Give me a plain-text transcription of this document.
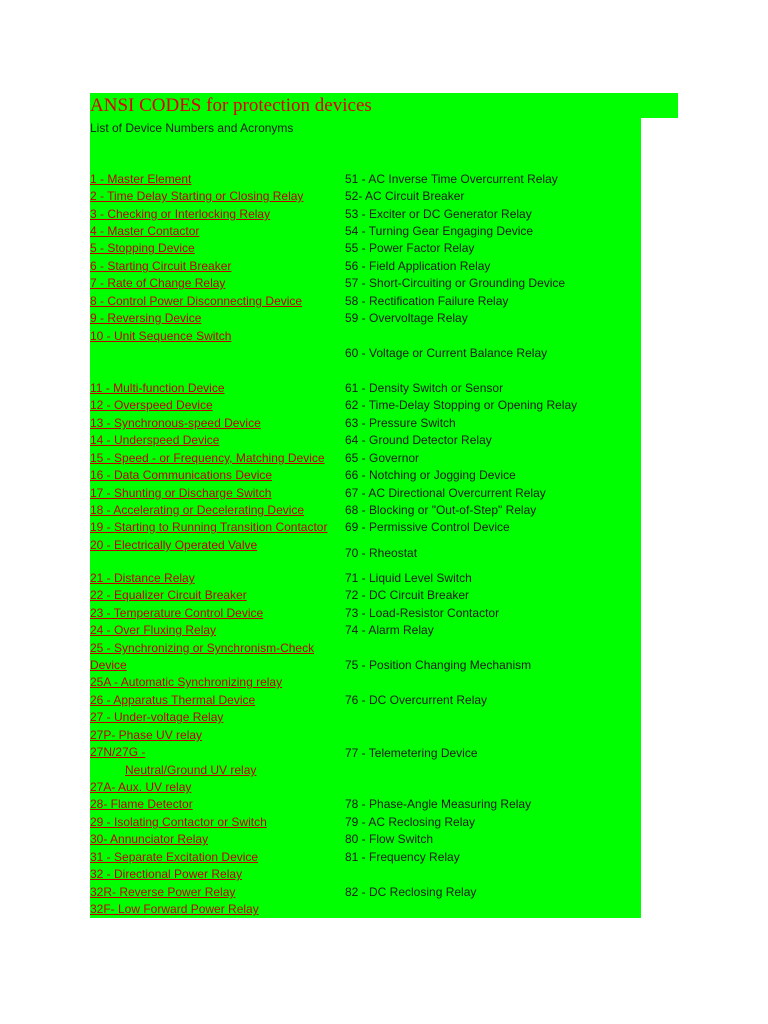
ANSI CODES for protection devices
List of Device Numbers and Acronyms
1 - Master Element
2 - Time Delay Starting or Closing Relay
3 - Checking or Interlocking Relay
4 - Master Contactor
5 - Stopping Device
6 - Starting Circuit Breaker
7 - Rate of Change Relay
8 - Control Power Disconnecting Device
9 - Reversing Device
10 - Unit Sequence Switch
11 - Multi-function Device
12 - Overspeed Device
13 - Synchronous-speed Device
14 - Underspeed Device
15 - Speed - or Frequency, Matching Device
16 - Data Communications Device
17 - Shunting or Discharge Switch
18 - Accelerating or Decelerating Device
19 - Starting to Running Transition Contactor
20 - Electrically Operated Valve
21 - Distance Relay
22 - Equalizer Circuit Breaker
23 - Temperature Control Device
24 - Over Fluxing Relay
25 - Synchronizing or Synchronism-Check
Device
25A - Automatic Synchronizing relay
26 - Apparatus Thermal Device
27 - Under-voltage Relay
27P- Phase UV relay
27N/27G -
Neutral/Ground UV relay
27A- Aux. UV relay
28- Flame Detector
29 - Isolating Contactor or Switch
30- Annunciator Relay
31 - Separate Excitation Device
32 - Directional Power Relay
32R- Reverse Power Relay
32F- Low Forward Power Relay
51 - AC Inverse Time Overcurrent Relay
52- AC Circuit Breaker
53 - Exciter or DC Generator Relay
54 - Turning Gear Engaging Device
55 - Power Factor Relay
56 - Field Application Relay
57 - Short-Circuiting or Grounding Device
58 - Rectification Failure Relay
59 - Overvoltage Relay
60 - Voltage or Current Balance Relay
61 - Density Switch or Sensor
62 - Time-Delay Stopping or Opening Relay
63 - Pressure Switch
64 - Ground Detector Relay
65 - Governor
66 - Notching or Jogging Device
67 - AC Directional Overcurrent Relay
68 - Blocking or "Out-of-Step" Relay
69 - Permissive Control Device
70 - Rheostat
71 - Liquid Level Switch
72 - DC Circuit Breaker
73 - Load-Resistor Contactor
74 - Alarm Relay
75 - Position Changing Mechanism
76 - DC Overcurrent Relay
77 - Telemetering Device
78 - Phase-Angle Measuring Relay
79 - AC Reclosing Relay
80 - Flow Switch
81 - Frequency Relay
82 - DC Reclosing Relay
